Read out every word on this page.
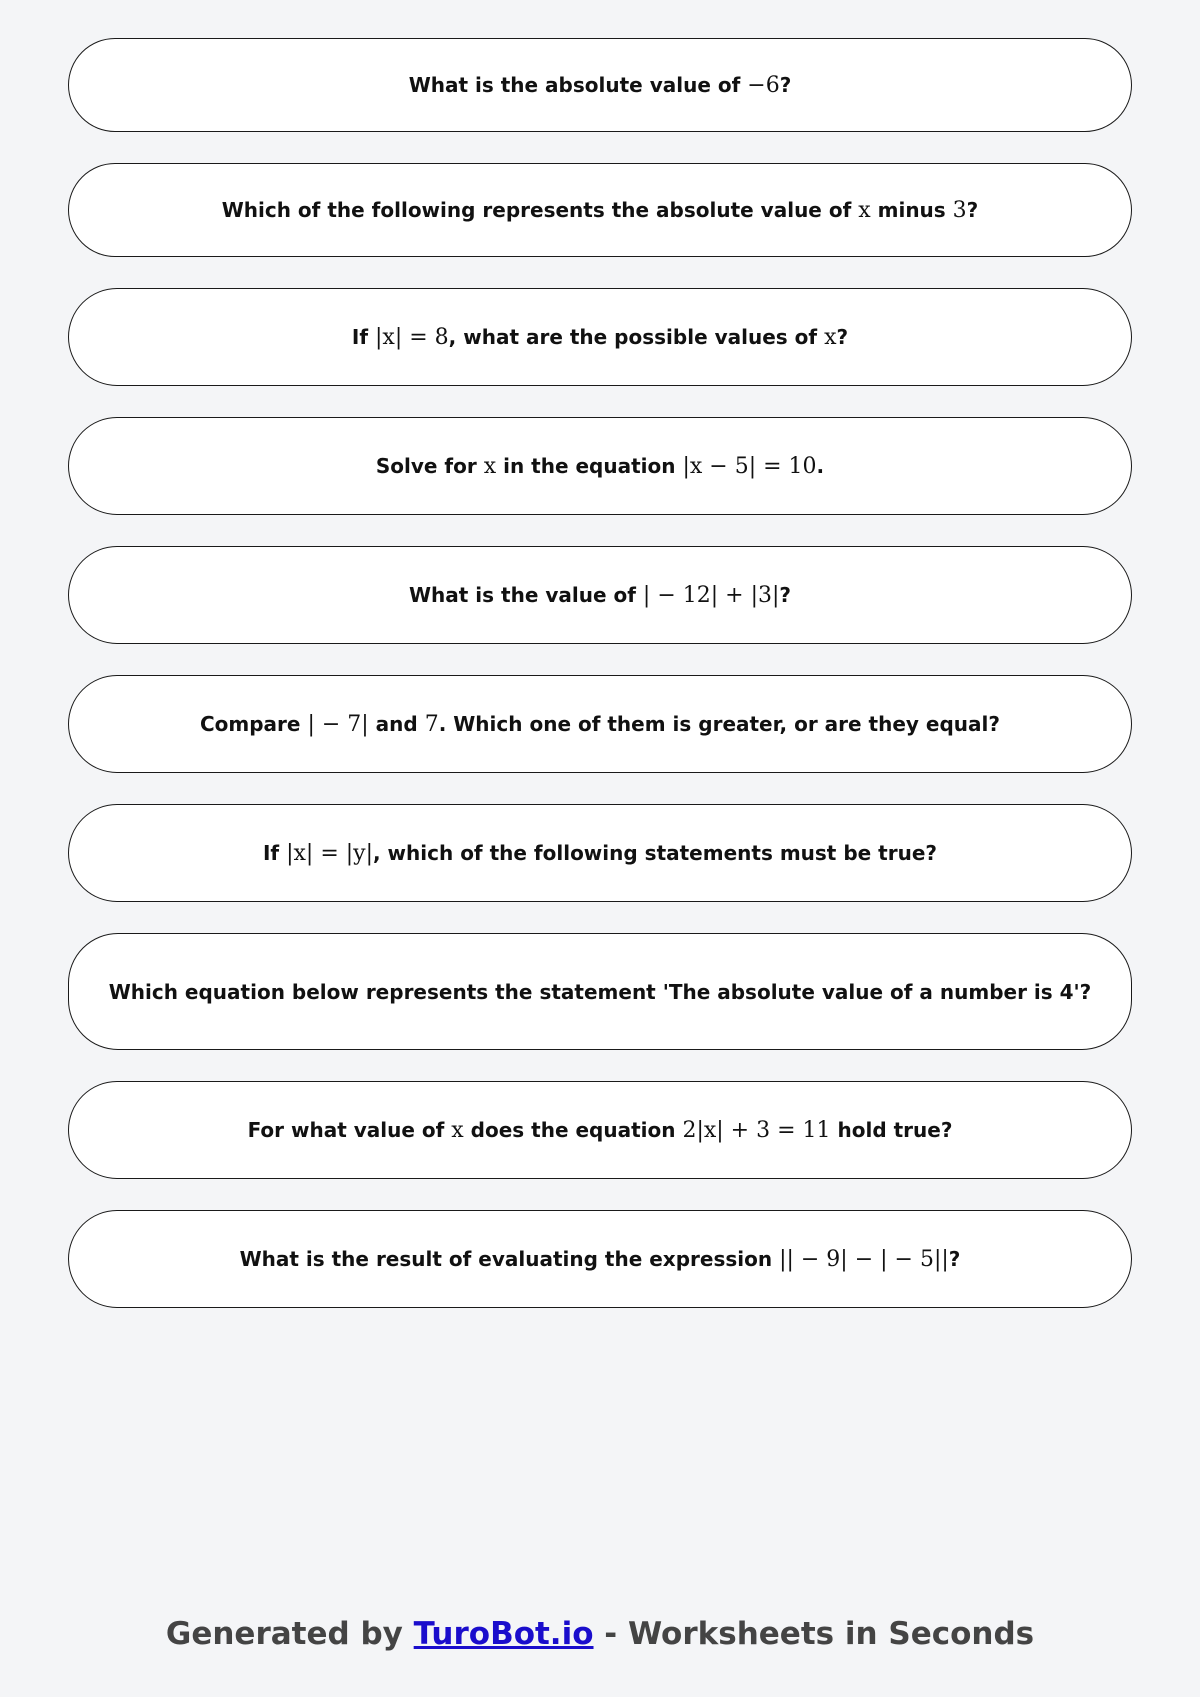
What is the absolute value of −6?
Which of the following represents the absolute value of x minus 3?
If |x| = 8, what are the possible values of x?
Solve for x in the equation |x − 5| = 10.
What is the value of | − 12| + |3|?
Compare | − 7| and 7. Which one of them is greater, or are they equal?
If |x| = |y|, which of the following statements must be true?
Which equation below represents the statement 'The absolute value of a number is 4'?
For what value of x does the equation 2|x| + 3 = 11 hold true?
What is the result of evaluating the expression || − 9| − | − 5||?
Generated by TuroBot.io - Worksheets in Seconds
